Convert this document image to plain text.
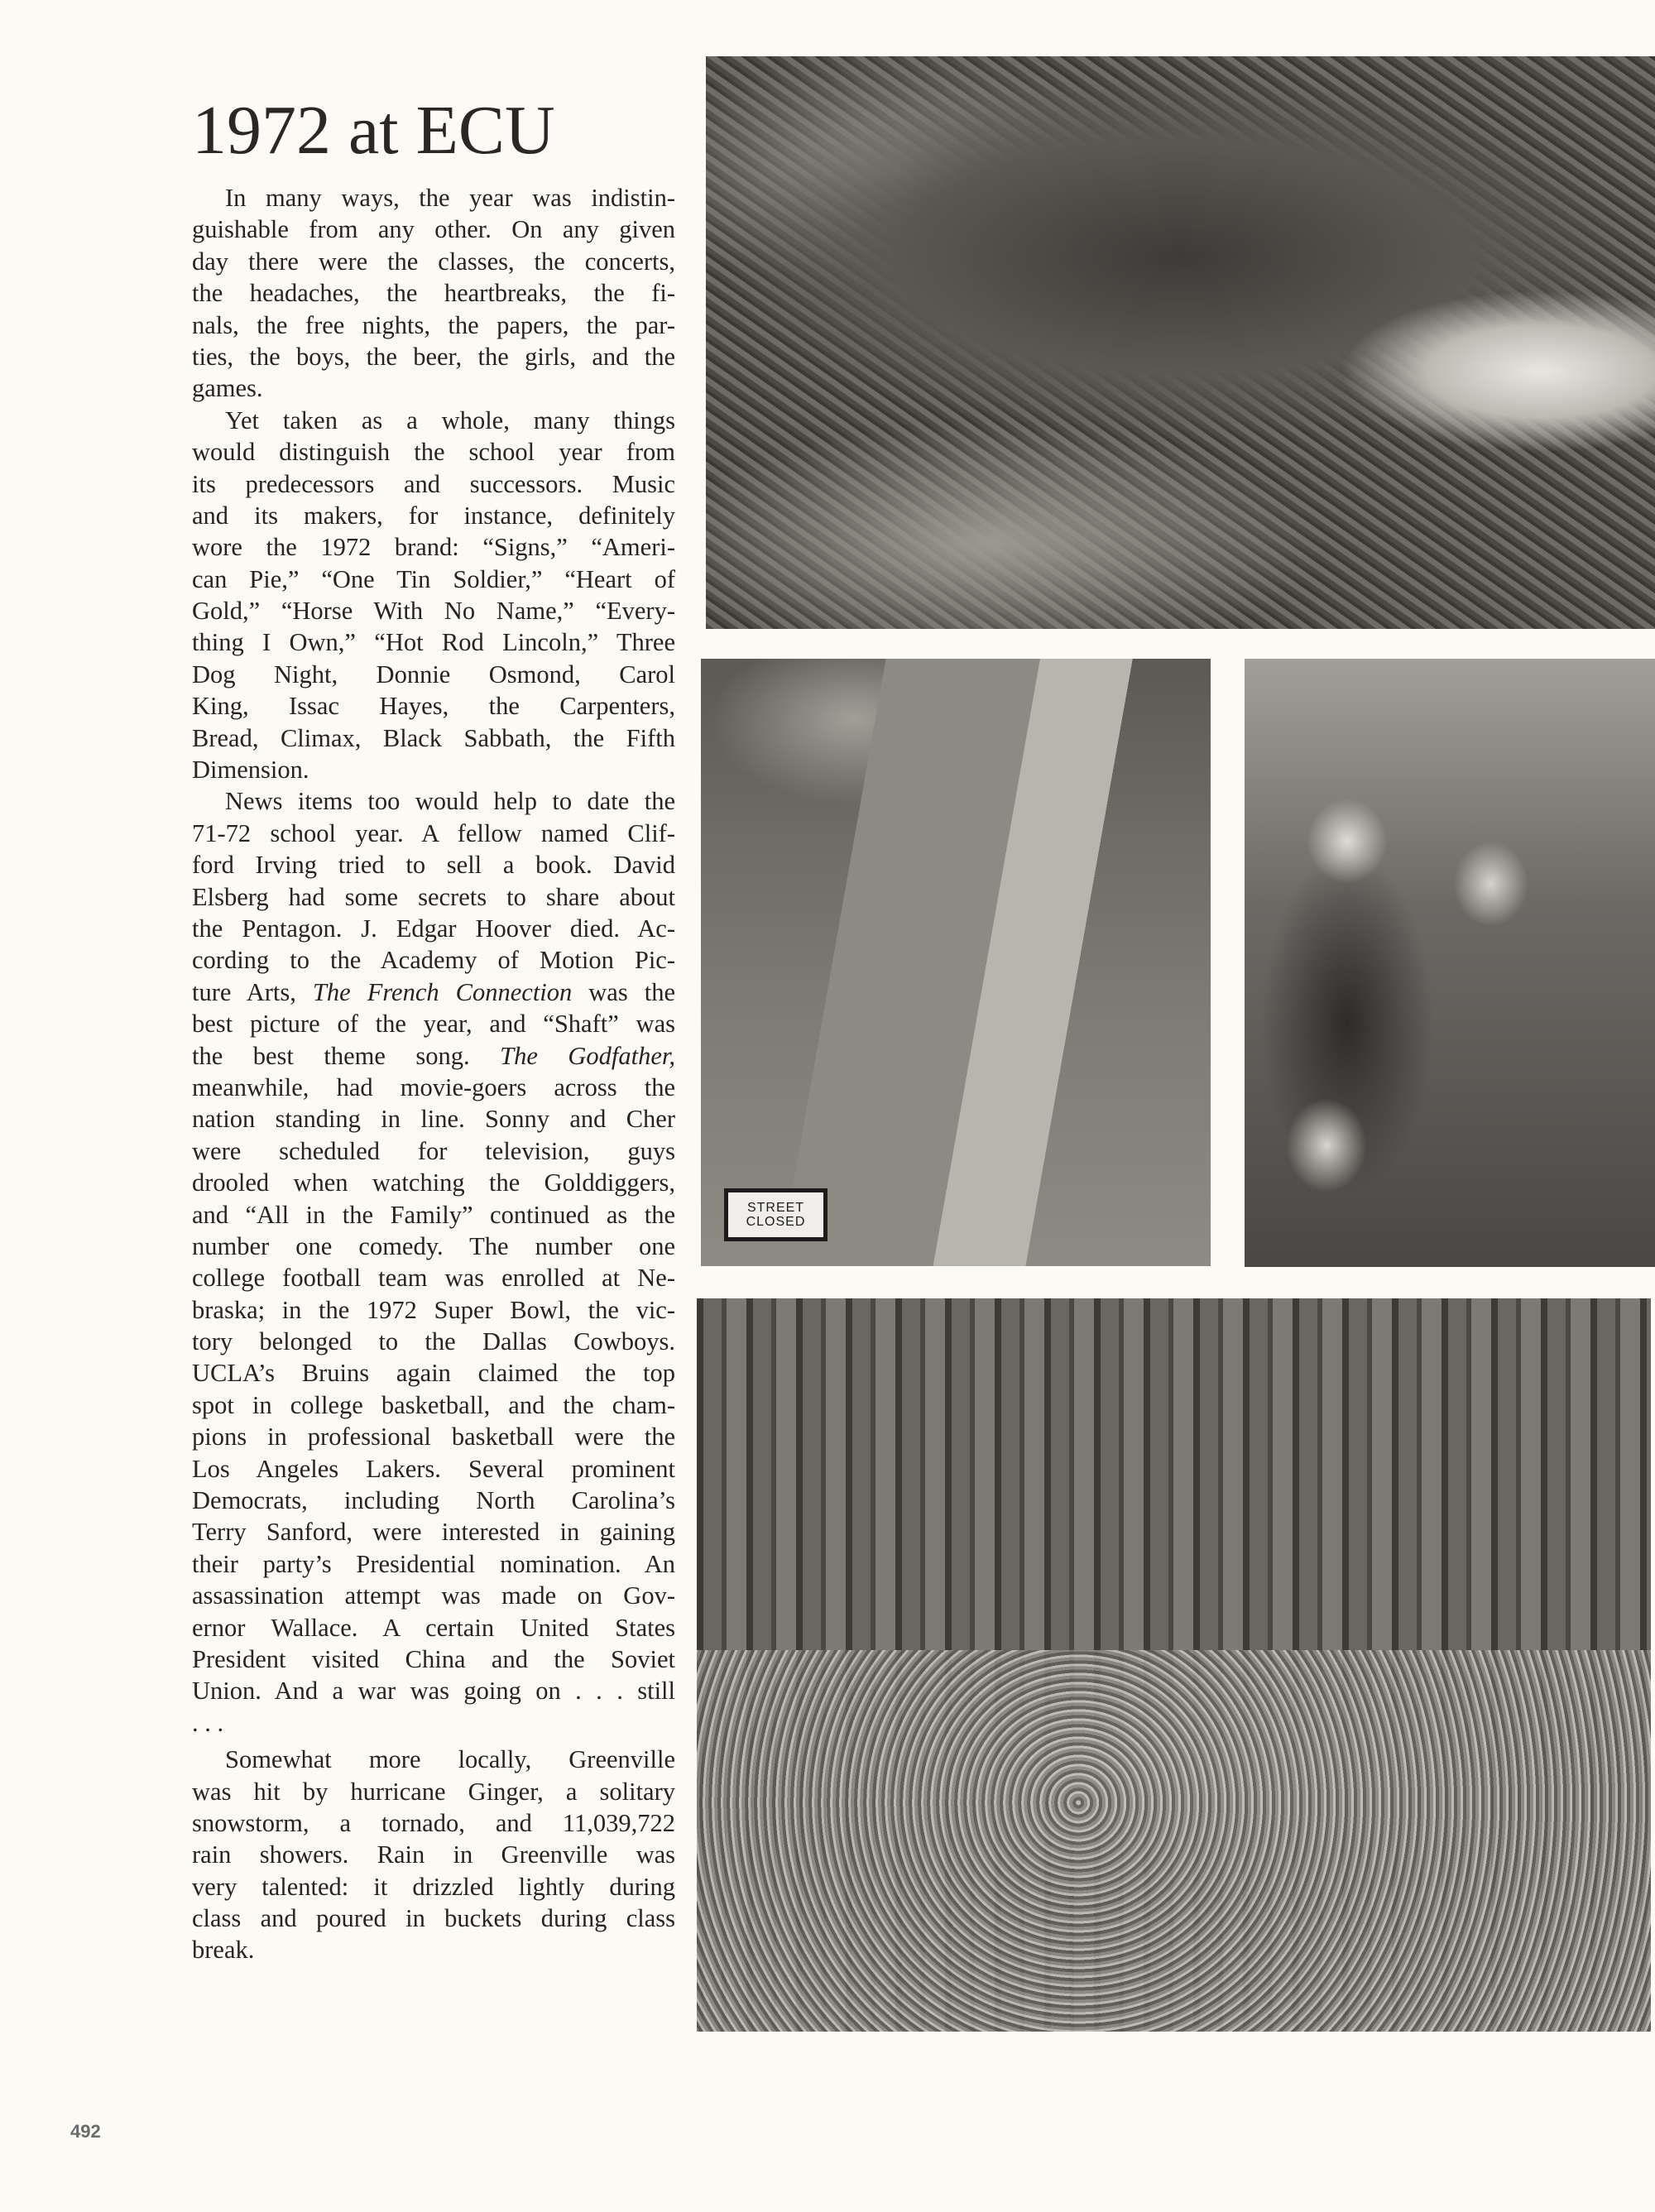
1972 at ECU
In many ways, the year was indistin-
guishable from any other. On any given
day there were the classes, the concerts,
the headaches, the heartbreaks, the fi-
nals, the free nights, the papers, the par-
ties, the boys, the beer, the girls, and the
games.
Yet taken as a whole, many things
would distinguish the school year from
its predecessors and successors. Music
and its makers, for instance, definitely
wore the 1972 brand: “Signs,” “Ameri-
can Pie,” “One Tin Soldier,” “Heart of
Gold,” “Horse With No Name,” “Every-
thing I Own,” “Hot Rod Lincoln,” Three
Dog Night, Donnie Osmond, Carol
King, Issac Hayes, the Carpenters,
Bread, Climax, Black Sabbath, the Fifth
Dimension.
News items too would help to date the
71-72 school year. A fellow named Clif-
ford Irving tried to sell a book. David
Elsberg had some secrets to share about
the Pentagon. J. Edgar Hoover died. Ac-
cording to the Academy of Motion Pic-
ture Arts, The French Connection was the
best picture of the year, and “Shaft” was
the best theme song. The Godfather,
meanwhile, had movie-goers across the
nation standing in line. Sonny and Cher
were scheduled for television, guys
drooled when watching the Golddiggers,
and “All in the Family” continued as the
number one comedy. The number one
college football team was enrolled at Ne-
braska; in the 1972 Super Bowl, the vic-
tory belonged to the Dallas Cowboys.
UCLA’s Bruins again claimed the top
spot in college basketball, and the cham-
pions in professional basketball were the
Los Angeles Lakers. Several prominent
Democrats, including North Carolina’s
Terry Sanford, were interested in gaining
their party’s Presidential nomination. An
assassination attempt was made on Gov-
ernor Wallace. A certain United States
President visited China and the Soviet
Union. And a war was going on . . . still
. . .
Somewhat more locally, Greenville
was hit by hurricane Ginger, a solitary
snowstorm, a tornado, and 11,039,722
rain showers. Rain in Greenville was
very talented: it drizzled lightly during
class and poured in buckets during class
break.
STREET
CLOSED
492
